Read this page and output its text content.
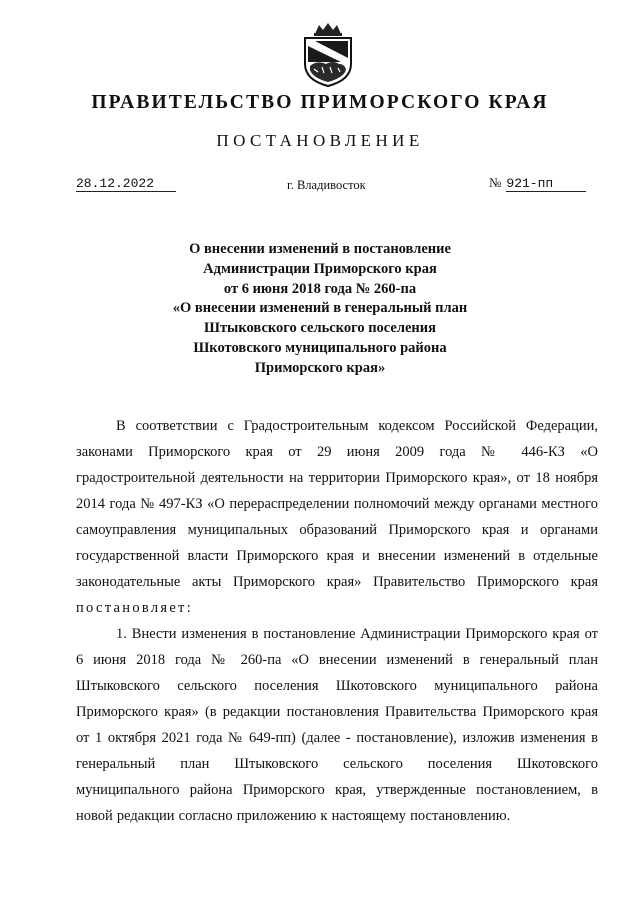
ПРАВИТЕЛЬСТВО ПРИМОРСКОГО КРАЯ
ПОСТАНОВЛЕНИЕ
28.12.2022	г. Владивосток	№ 921-пп
О внесении изменений в постановление
Администрации Приморского края
от 6 июня 2018 года № 260-па
«О внесении изменений в генеральный план
Штыковского сельского поселения
Шкотовского муниципального района
Приморского края»

В соответствии с Градостроительным кодексом Российской Федерации, законами Приморского края от 29 июня 2009 года № 446-КЗ «О градостроительной деятельности на территории Приморского края», от 18 ноября 2014 года № 497-КЗ «О перераспределении полномочий между органами местного самоуправления муниципальных образований Приморского края и органами государственной власти Приморского края и внесении изменений в отдельные законодательные акты Приморского края» Правительство Приморского края постановляет:

1. Внести изменения в постановление Администрации Приморского края от 6 июня 2018 года № 260-па «О внесении изменений в генеральный план Штыковского сельского поселения Шкотовского муниципального района Приморского края» (в редакции постановления Правительства Приморского края от 1 октября 2021 года № 649-пп) (далее - постановление), изложив изменения в генеральный план Штыковского сельского поселения Шкотовского муниципального района Приморского края, утвержденные постановлением, в новой редакции согласно приложению к настоящему постановлению.
